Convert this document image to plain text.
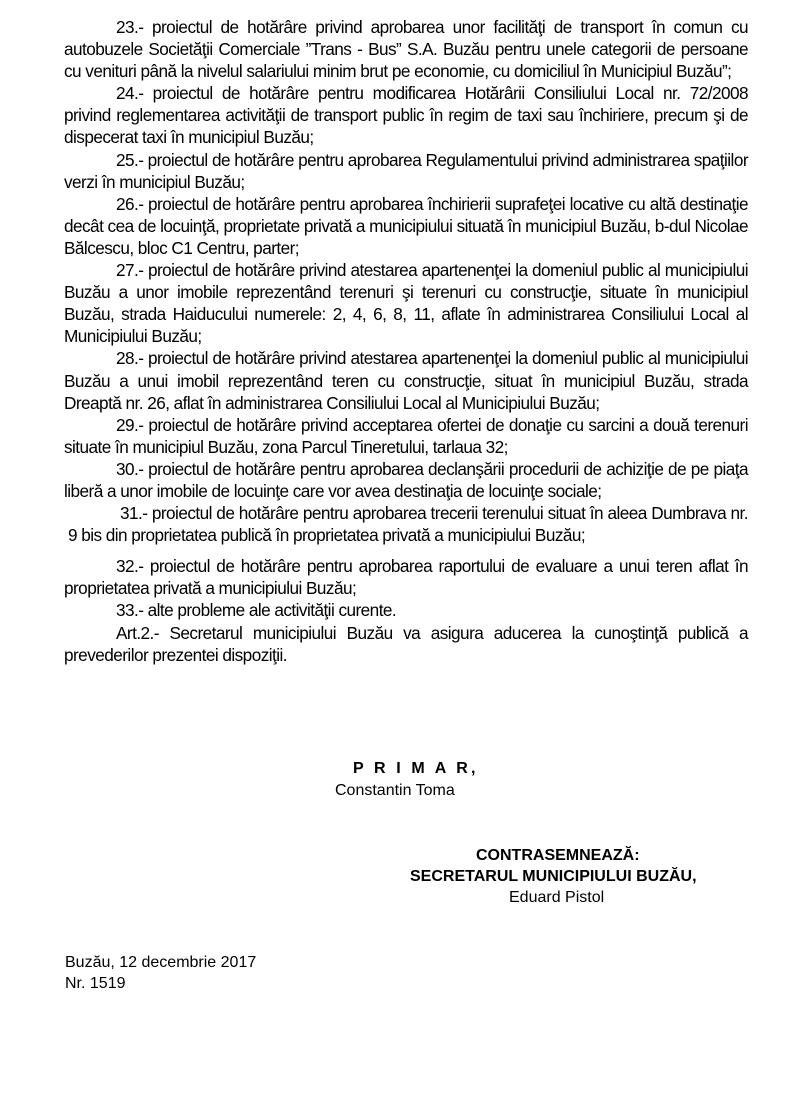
23.- proiectul de hotărâre privind aprobarea unor facilităţi de transport în comun cu autobuzele Societăţii Comerciale ”Trans - Bus” S.A. Buzău pentru unele categorii de persoane cu venituri până la nivelul salariului minim brut pe economie, cu domiciliul în Municipiul Buzău”;

24.- proiectul de hotărâre pentru modificarea Hotărârii Consiliului Local nr. 72/2008 privind reglementarea activităţii de transport public în regim de taxi sau închiriere, precum şi de dispecerat taxi în municipiul Buzău;

25.- proiectul de hotărâre pentru aprobarea Regulamentului privind administrarea spaţiilor verzi în municipiul Buzău;

26.- proiectul de hotărâre pentru aprobarea închirierii suprafeţei locative cu altă destinaţie decât cea de locuinţă, proprietate privată a municipiului situată în municipiul Buzău, b-dul Nicolae Bălcescu, bloc C1 Centru, parter;

27.- proiectul de hotărâre privind atestarea apartenenţei la domeniul public al municipiului Buzău a unor imobile reprezentând terenuri şi terenuri cu construcţie, situate în municipiul Buzău, strada Haiducului numerele: 2, 4, 6, 8, 11, aflate în administrarea Consiliului Local al Municipiului Buzău;

28.- proiectul de hotărâre privind atestarea apartenenţei la domeniul public al municipiului Buzău a unui imobil reprezentând teren cu construcţie, situat în municipiul Buzău, strada Dreaptă nr. 26, aflat în administrarea Consiliului Local al Municipiului Buzău;

29.- proiectul de hotărâre privind acceptarea ofertei de donaţie cu sarcini a două terenuri situate în municipiul Buzău, zona Parcul Tineretului, tarlaua 32;

30.- proiectul de hotărâre pentru aprobarea declanşării procedurii de achiziţie de pe piaţa liberă a unor imobile de locuinţe care vor avea destinaţia de locuinţe sociale;

31.- proiectul de hotărâre pentru aprobarea trecerii terenului situat în aleea Dumbrava nr. 9 bis din proprietatea publică în proprietatea privată a municipiului Buzău;

32.- proiectul de hotărâre pentru aprobarea raportului de evaluare a unui teren aflat în proprietatea privată a municipiului Buzău;

33.- alte probleme ale activităţii curente.

Art.2.- Secretarul municipiului Buzău va asigura aducerea la cunoştinţă publică a prevederilor prezentei dispoziţii.

P R I M A R,
Constantin Toma
CONTRASEMNEAZĂ:
SECRETARUL MUNICIPIULUI BUZĂU,
Eduard Pistol
Buzău, 12 decembrie 2017
Nr. 1519
